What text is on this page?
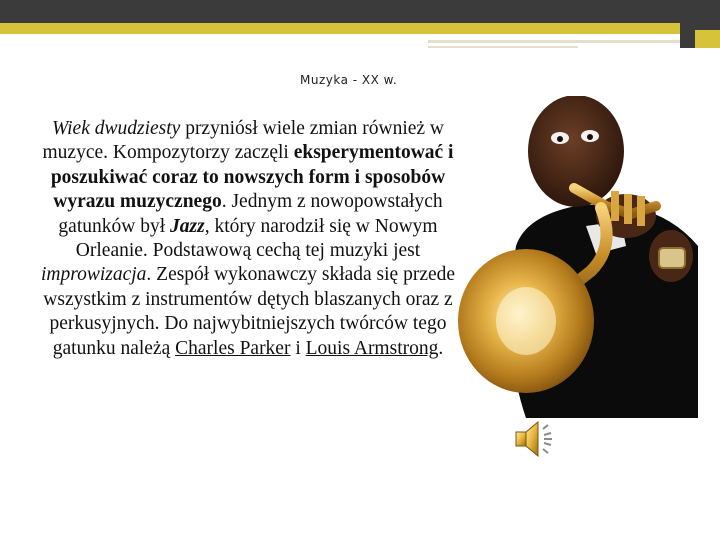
Muzyka - XX w.
Wiek dwudziesty przyniósł wiele zmian również w muzyce. Kompozytorzy zaczęli eksperymentować i poszukiwać coraz to nowszych form i sposobów wyrazu muzycznego. Jednym z nowopowstałych gatunków był Jazz, który narodził się w Nowym Orleanie. Podstawową cechą tej muzyki jest improwizacja. Zespół wykonawczy składa się przede wszystkim z instrumentów dętych blaszanych oraz z perkusyjnych. Do najwybitniejszych twórców tego gatunku należą Charles Parker i Louis Armstrong.
